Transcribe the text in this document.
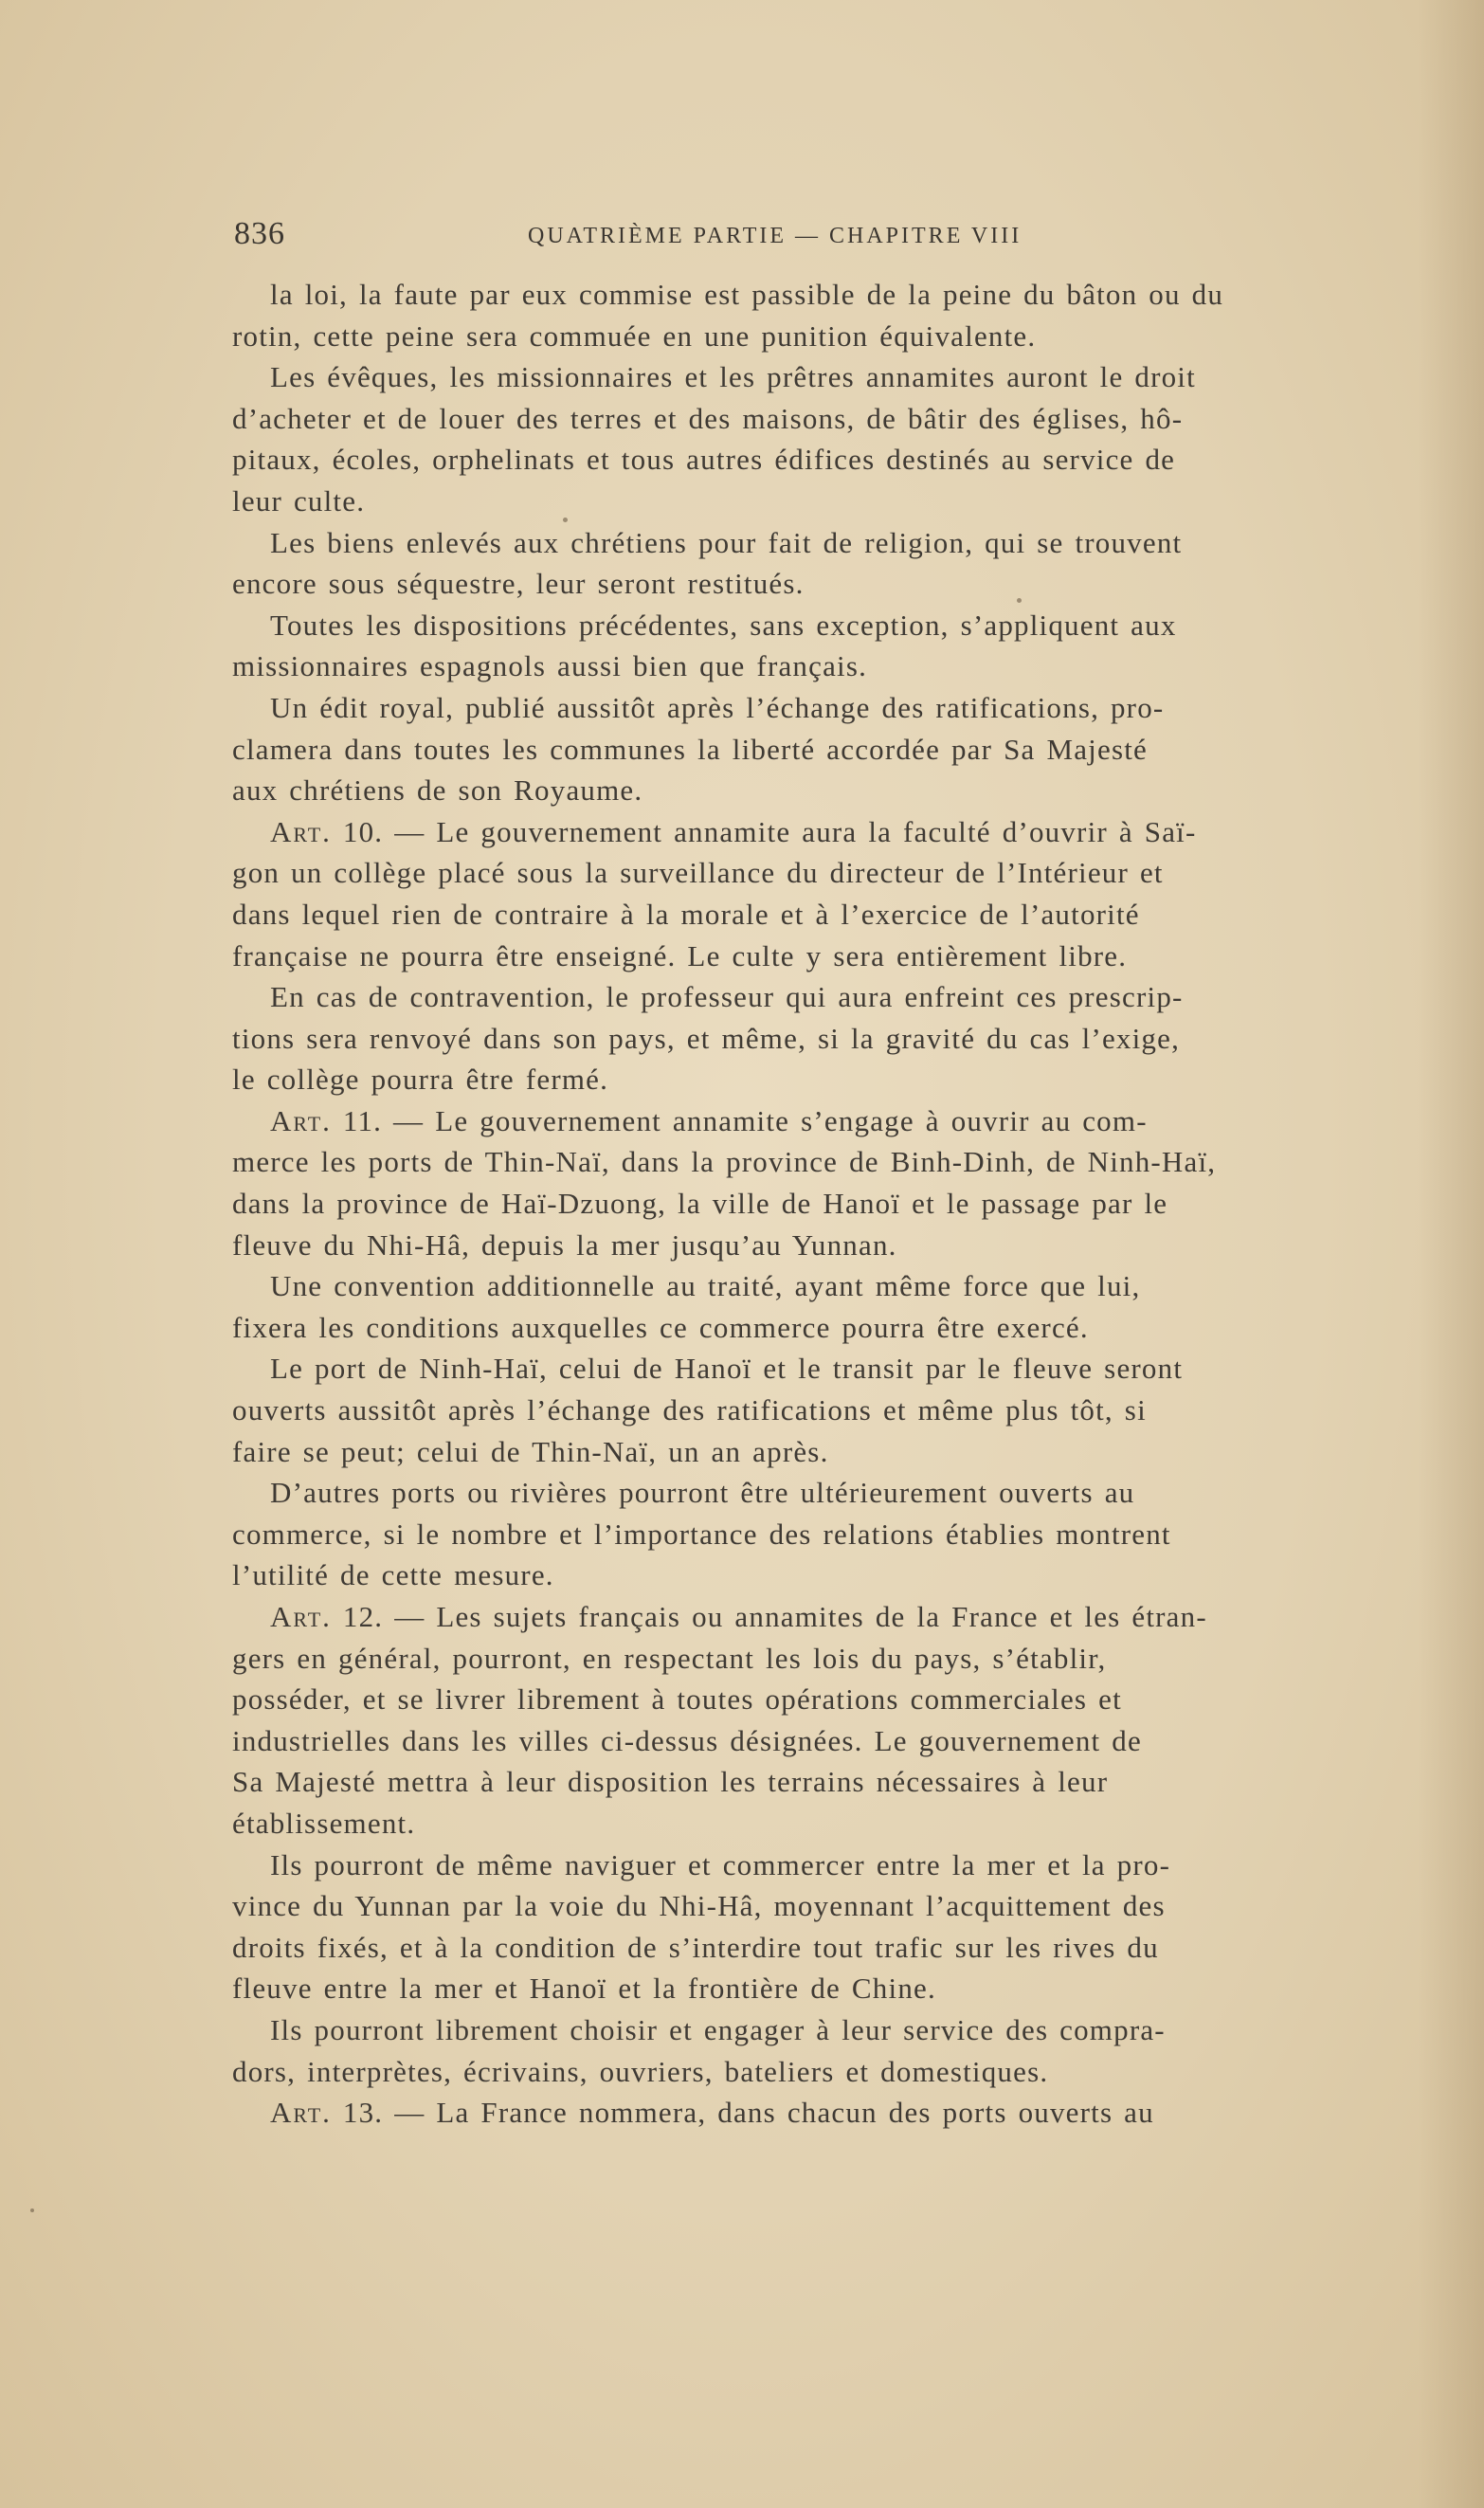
836	QUATRIÈME PARTIE — CHAPITRE VIII

la loi, la faute par eux commise est passible de la peine du bâton ou du
rotin, cette peine sera commuée en une punition équivalente.

Les évêques, les missionnaires et les prêtres annamites auront le droit
d’acheter et de louer des terres et des maisons, de bâtir des églises, hô-
pitaux, écoles, orphelinats et tous autres édifices destinés au service de
leur culte.

Les biens enlevés aux chrétiens pour fait de religion, qui se trouvent
encore sous séquestre, leur seront restitués.

Toutes les dispositions précédentes, sans exception, s’appliquent aux
missionnaires espagnols aussi bien que français.

Un édit royal, publié aussitôt après l’échange des ratifications, pro-
clamera dans toutes les communes la liberté accordée par Sa Majesté
aux chrétiens de son Royaume.

Art. 10. — Le gouvernement annamite aura la faculté d’ouvrir à Saï-
gon un collège placé sous la surveillance du directeur de l’Intérieur et
dans lequel rien de contraire à la morale et à l’exercice de l’autorité
française ne pourra être enseigné. Le culte y sera entièrement libre.

En cas de contravention, le professeur qui aura enfreint ces prescrip-
tions sera renvoyé dans son pays, et même, si la gravité du cas l’exige,
le collège pourra être fermé.

Art. 11. — Le gouvernement annamite s’engage à ouvrir au com-
merce les ports de Thin-Naï, dans la province de Binh-Dinh, de Ninh-Haï,
dans la province de Haï-Dzuong, la ville de Hanoï et le passage par le
fleuve du Nhi-Hâ, depuis la mer jusqu’au Yunnan.

Une convention additionnelle au traité, ayant même force que lui,
fixera les conditions auxquelles ce commerce pourra être exercé.

Le port de Ninh-Haï, celui de Hanoï et le transit par le fleuve seront
ouverts aussitôt après l’échange des ratifications et même plus tôt, si
faire se peut; celui de Thin-Naï, un an après.

D’autres ports ou rivières pourront être ultérieurement ouverts au
commerce, si le nombre et l’importance des relations établies montrent
l’utilité de cette mesure.

Art. 12. — Les sujets français ou annamites de la France et les étran-
gers en général, pourront, en respectant les lois du pays, s’établir,
posséder, et se livrer librement à toutes opérations commerciales et
industrielles dans les villes ci-dessus désignées. Le gouvernement de
Sa Majesté mettra à leur disposition les terrains nécessaires à leur
établissement.

Ils pourront de même naviguer et commercer entre la mer et la pro-
vince du Yunnan par la voie du Nhi-Hâ, moyennant l’acquittement des
droits fixés, et à la condition de s’interdire tout trafic sur les rives du
fleuve entre la mer et Hanoï et la frontière de Chine.

Ils pourront librement choisir et engager à leur service des compra-
dors, interprètes, écrivains, ouvriers, bateliers et domestiques.

Art. 13. — La France nommera, dans chacun des ports ouverts au
